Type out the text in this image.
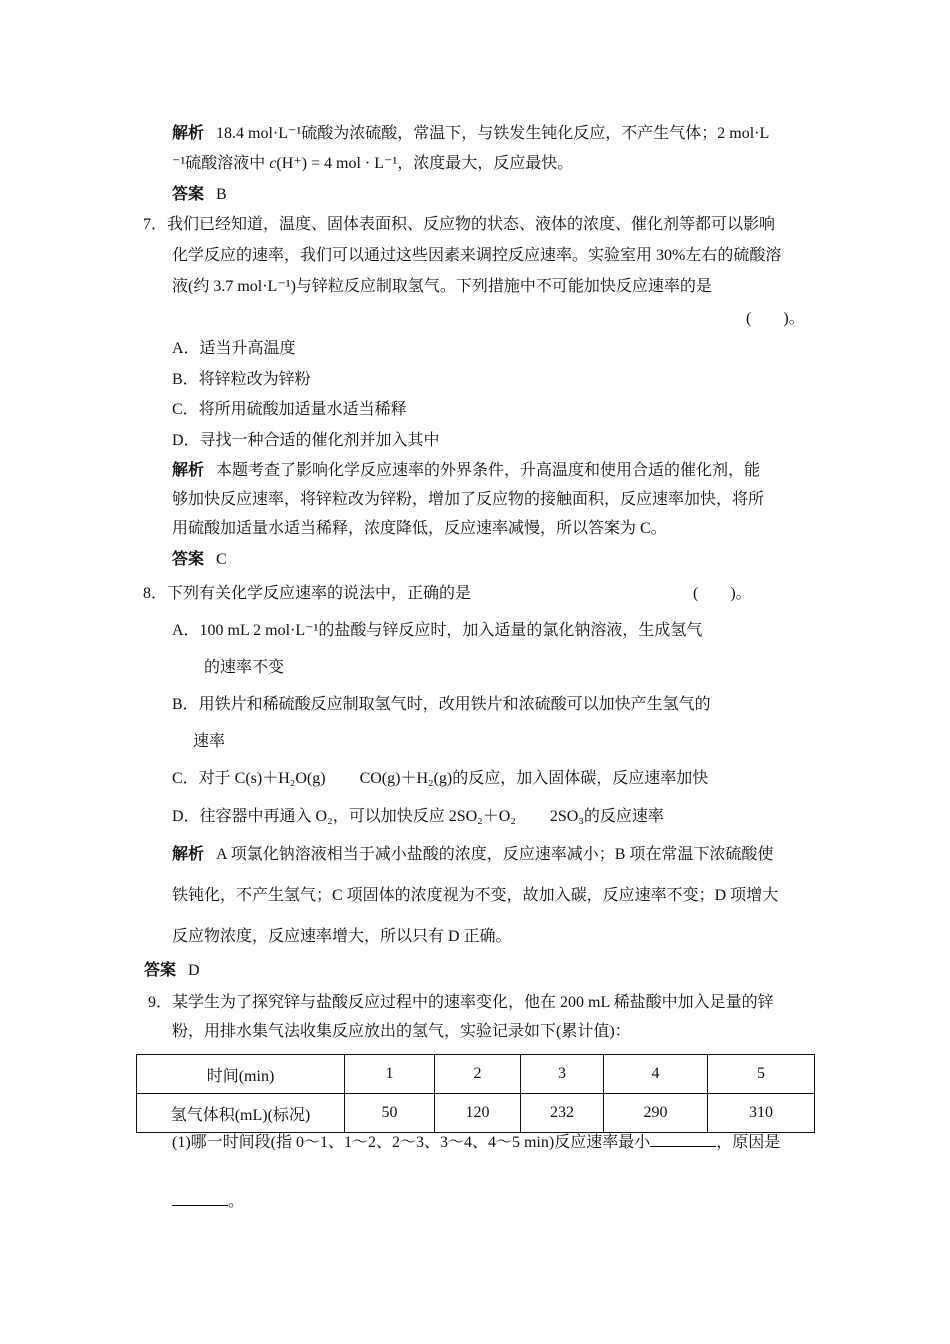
解析 18.4 mol·L⁻¹硫酸为浓硫酸，常温下，与铁发生钝化反应，不产生气体；2 mol·L
⁻¹硫酸溶液中 c(H⁺) = 4 mol · L⁻¹，浓度最大，反应最快。
答案 B
7．我们已经知道，温度、固体表面积、反应物的状态、液体的浓度、催化剂等都可以影响
化学反应的速率，我们可以通过这些因素来调控反应速率。实验室用 30%左右的硫酸溶
液(约 3.7 mol·L⁻¹)与锌粒反应制取氢气。下列措施中不可能加快反应速率的是
(　　)。
A．适当升高温度
B．将锌粒改为锌粉
C．将所用硫酸加适量水适当稀释
D．寻找一种合适的催化剂并加入其中
解析 本题考查了影响化学反应速率的外界条件，升高温度和使用合适的催化剂，能
够加快反应速率，将锌粒改为锌粉，增加了反应物的接触面积，反应速率加快，将所
用硫酸加适量水适当稀释，浓度降低，反应速率减慢，所以答案为 C。
答案 C
8．下列有关化学反应速率的说法中，正确的是	(　　)。
A．100 mL 2 mol·L⁻¹的盐酸与锌反应时，加入适量的氯化钠溶液，生成氢气
的速率不变
B．用铁片和稀硫酸反应制取氢气时，改用铁片和浓硫酸可以加快产生氢气的
速率
C．对于 C(s)＋H₂O(g) CO(g)＋H₂(g)的反应，加入固体碳，反应速率加快
D．往容器中再通入 O₂，可以加快反应 2SO₂＋O₂ 2SO₃的反应速率
解析 A 项氯化钠溶液相当于减小盐酸的浓度，反应速率减小；B 项在常温下浓硫酸使
铁钝化，不产生氢气；C 项固体的浓度视为不变，故加入碳，反应速率不变；D 项增大
反应物浓度，反应速率增大，所以只有 D 正确。
答案 D
9．某学生为了探究锌与盐酸反应过程中的速率变化，他在 200 mL 稀盐酸中加入足量的锌
粉，用排水集气法收集反应放出的氢气，实验记录如下(累计值)：
时间(min)	1	2	3	4	5
氢气体积(mL)(标况)	50	120	232	290	310
(1)哪一时间段(指 0～1、1～2、2～3、3～4、4～5 min)反应速率最小	，原因是
。
